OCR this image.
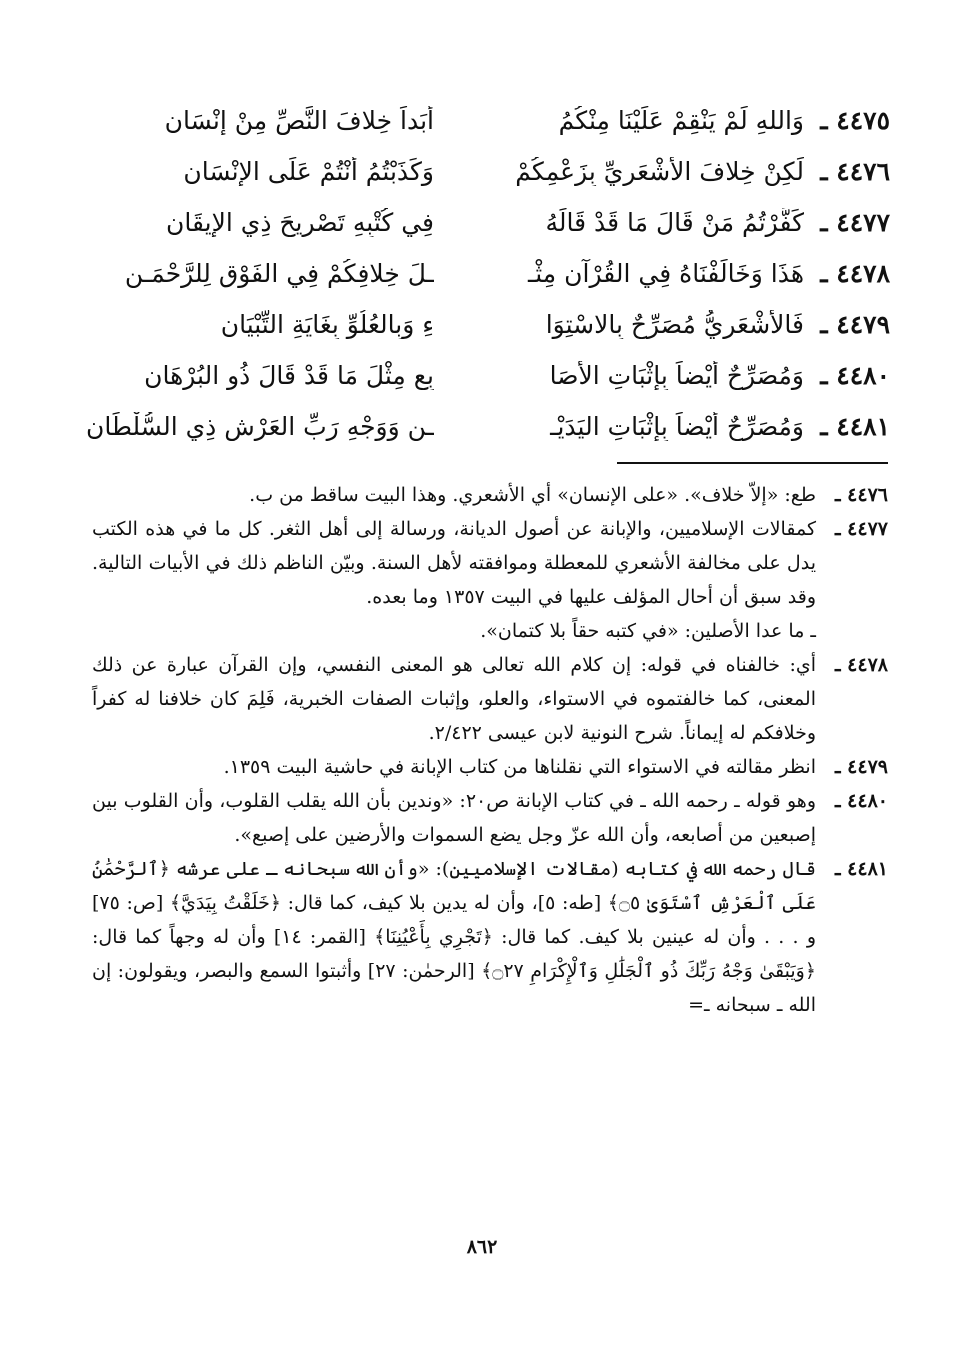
٤٤٧٥ ـ
وَاللهِ لَمْ يَنْقِمْ عَلَيْنَا مِنْكُمُ
أَبَداً خِلافَ النَّصِّ مِنْ إِنْسَانِ
٤٤٧٦ ـ
لَكِنْ خِلافَ الأَشْعَرِيِّ بِزَعْمِكُمْ
وَكَذَبْتُمُ أَنْتُمْ عَلَى الإنْسَانِ
٤٤٧٧ ـ
كَفَّرْتُمُ مَنْ قَالَ مَا قَدْ قَالَهُ
فِي كُتْبِهِ تَصْرِيحَ ذِي الإِيقَانِ
٤٤٧٨ ـ
هَذَا وَخَالَفْنَاهُ فِي القُرْآنِ مِثْـ
ـلَ خِلافِكُمْ فِي الفَوْقِ لِلرَّحْمَـنِ
٤٤٧٩ ـ
فَالأَشْعَرِيُّ مُصَرِّحٌ بِالاسْتِوَا
ءِ وَبِالعُلُوِّ بِغَايَةِ التِّبْيَانِ
٤٤٨٠ ـ
وَمُصَرِّحٌ أَيْضاً بِإِثْبَاتِ الأَصَا
بِعِ مِثْلَ مَا قَدْ قَالَ ذُو البُرْهَانِ
٤٤٨١ ـ
وَمُصَرِّحٌ أَيْضاً بِإِثْبَاتِ اليَدَيْـ
ـنِ وَوَجْهِ رَبِّ العَرْشِ ذِي السُّلْطَانِ
٤٤٧٦ ـ

طع: «إلاّ خلاف». «على الإنسان» أي الأشعري. وهذا البيت ساقط من ب.

٤٤٧٧ ـ

كمقالات الإسلاميين، والإبانة عن أصول الديانة، ورسالة إلى أهل الثغر. كل ما في هذه الكتب يدل على مخالفة الأشعري للمعطلة وموافقته لأهل السنة. وبيّن الناظم ذلك في الأبيات التالية. وقد سبق أن أحال المؤلف عليها في البيت ١٣٥٧ وما بعده.

ـ ما عدا الأصلين: «في كتبه حقاً بلا كتمان».

٤٤٧٨ ـ

أي: خالفناه في قوله: إن كلام الله تعالى هو المعنى النفسي، وإن القرآن عبارة عن ذلك المعنى، كما خالفتموه في الاستواء، والعلو، وإثبات الصفات الخبرية، فَلِمَ كان خلافنا له كفراً وخلافكم له إيماناً. شرح النونية لابن عيسى ٢/٤٢٢.

٤٤٧٩ ـ

انظر مقالته في الاستواء التي نقلناها من كتاب الإبانة في حاشية البيت ١٣٥٩.

٤٤٨٠ ـ

وهو قوله ـ رحمه الله ـ في كتاب الإبانة ص٢٠: «وندين بأن الله يقلب القلوب، وأن القلوب بين إصبعين من أصابعه، وأن الله عزّ وجل يضع السموات والأرضين على إصبع».

٤٤٨١ ـ

قال رحمه الله في كتابه (مقالات الإسلاميين): «وأن الله سبحانه ـ على عرشه ﴿ٱلرَّحْمَٰنُ عَلَى ٱلْعَرْشِ ٱسْتَوَىٰ ۝٥﴾ [طه: ٥]، وأن له يدين بلا كيف، كما قال: ﴿خَلَقْتُ بِيَدَيَّ﴾ [ص: ٧٥] و . . . وأن له عينين بلا كيف. كما قال: ﴿تَجْرِي بِأَعْيُنِنَا﴾ [القمر: ١٤] وأن له وجهاً كما قال: ﴿وَيَبْقَىٰ وَجْهُ رَبِّكَ ذُو ٱلْجَلَٰلِ وَٱلْإِكْرَامِ ۝٢٧﴾ [الرحمٰن: ٢٧] وأثبتوا السمع والبصر، ويقولون: إن الله ـ سبحانه ـ=

٨٦٢
